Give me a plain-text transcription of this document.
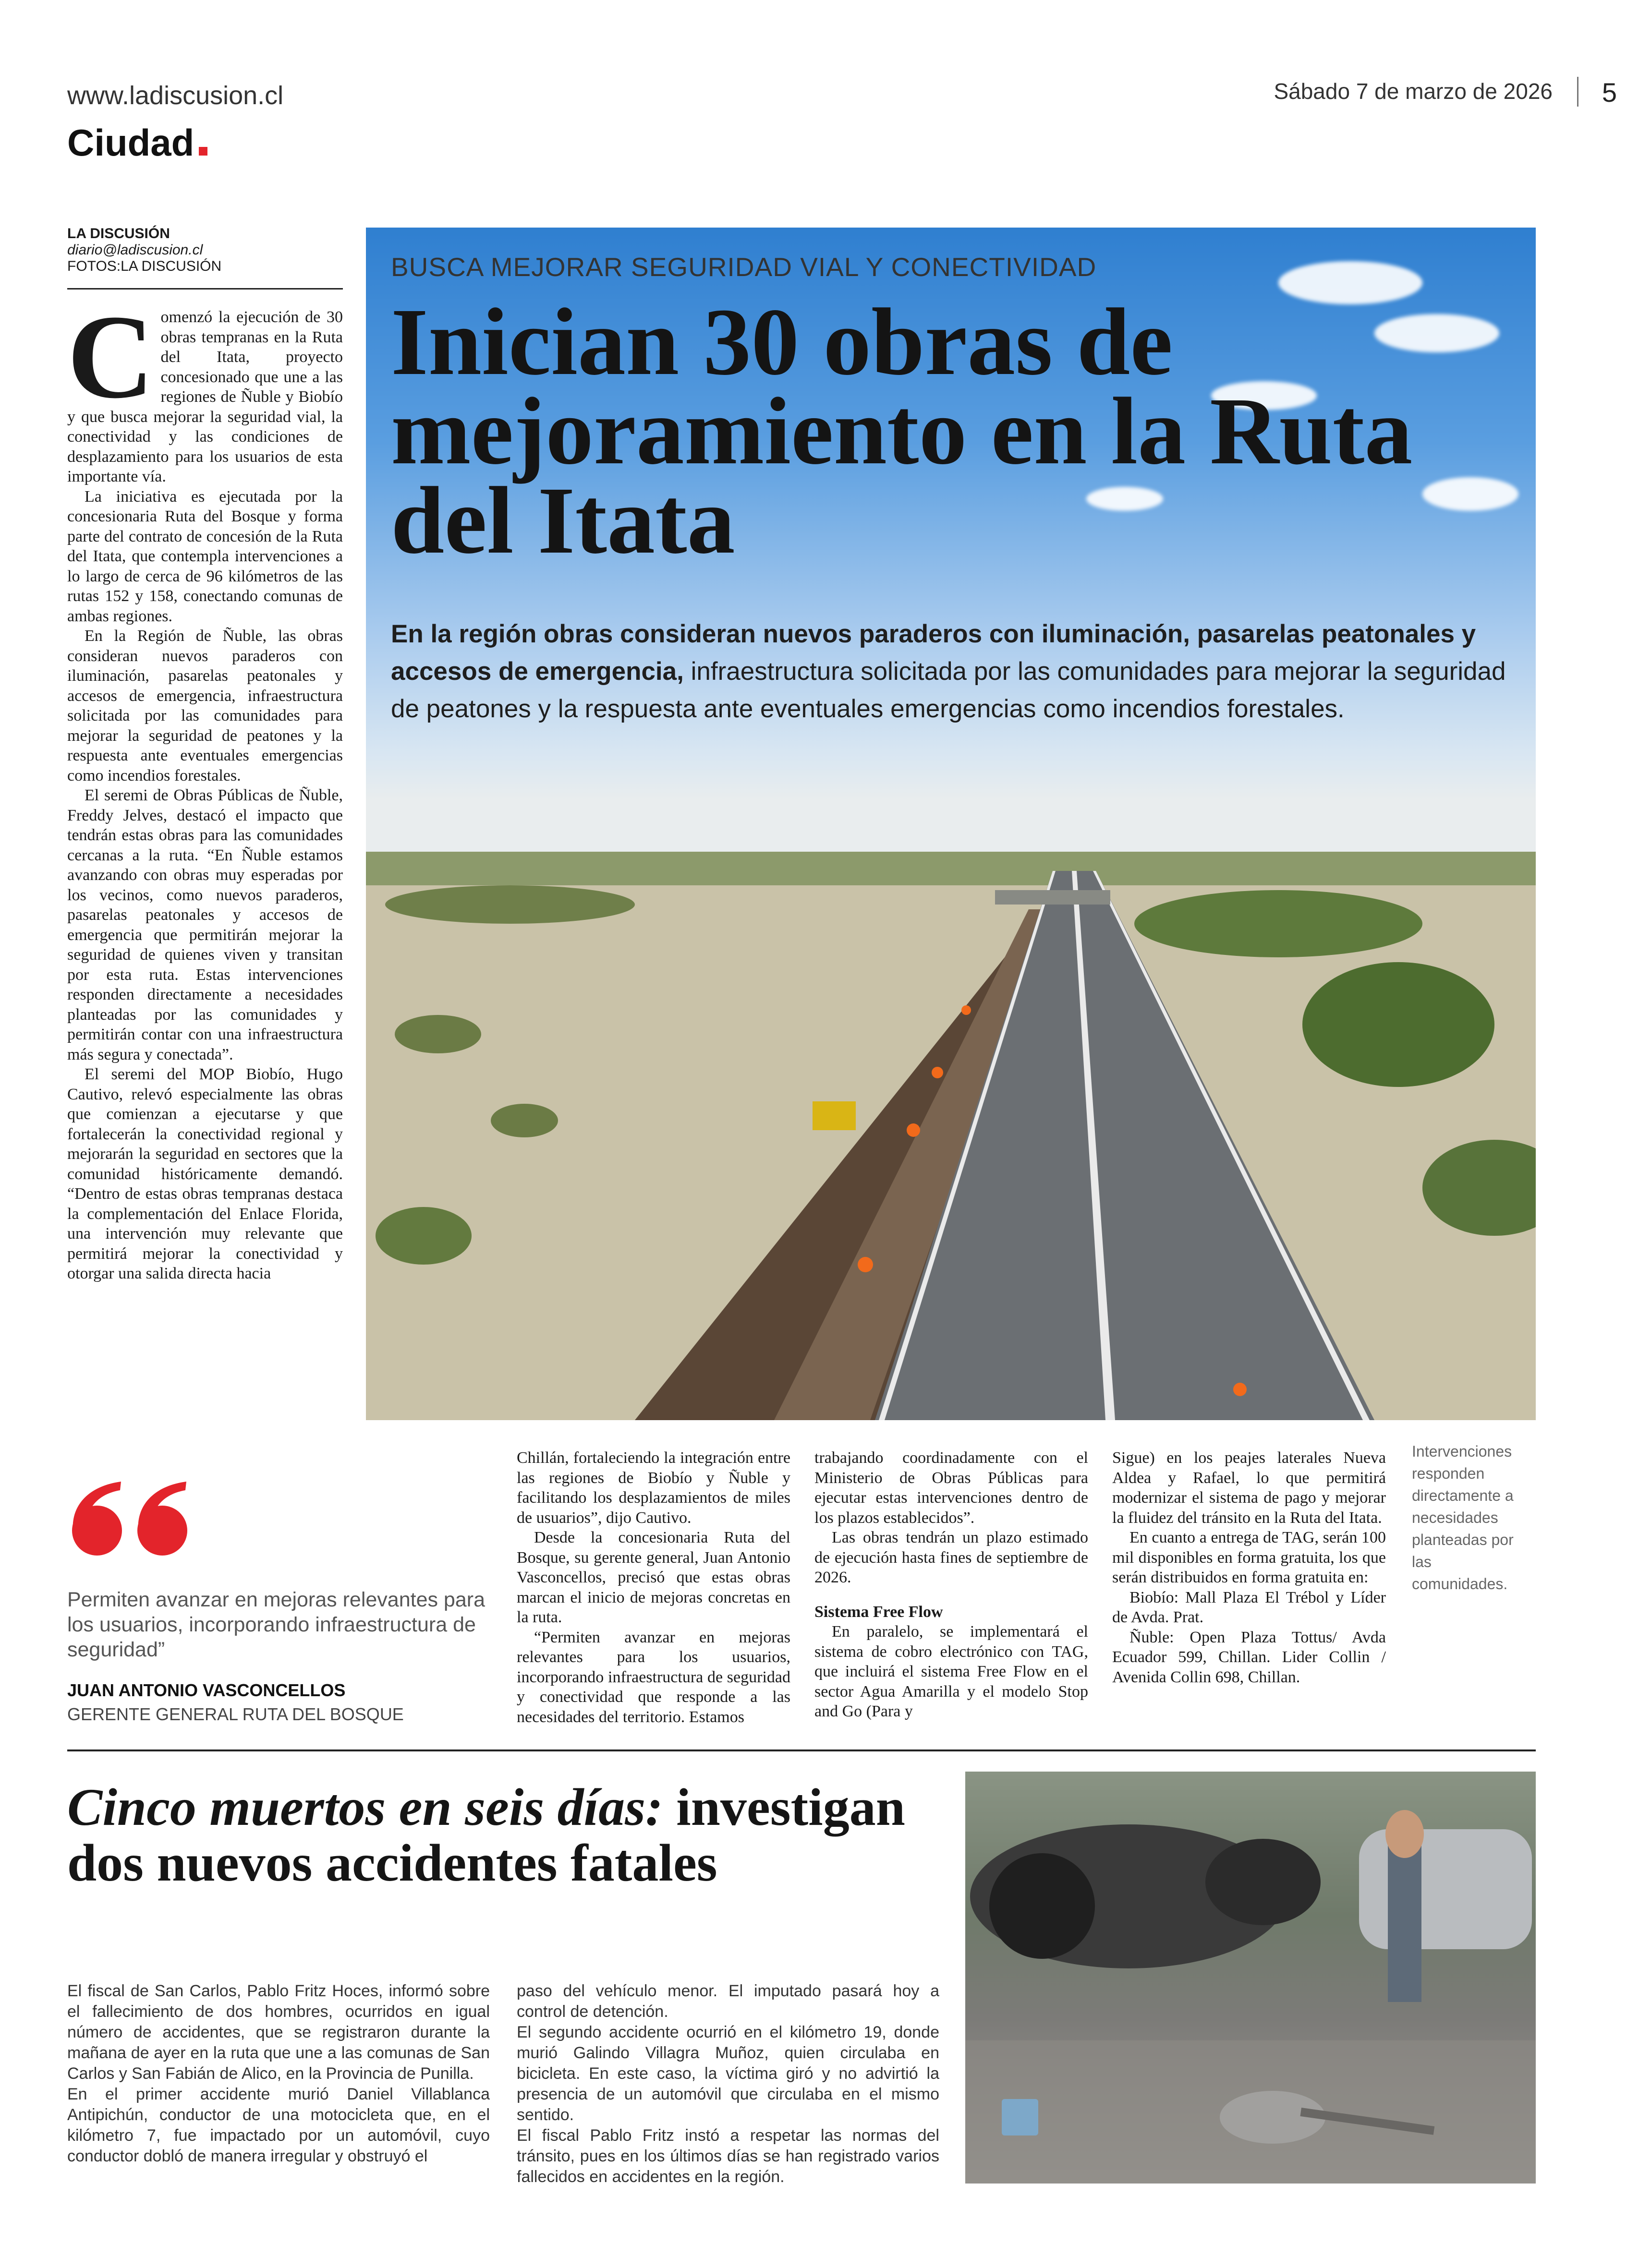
www.ladiscusion.cl	Sábado 7 de marzo de 2026 5
Ciudad
LA DISCUSIÓN
diario@ladiscusion.cl
FOTOS:LA DISCUSIÓN

Comenzó la ejecución de 30 obras tempranas en la Ruta del Itata, proyecto concesionado que une a las regiones de Ñuble y Biobío y que busca mejorar la seguridad vial, la conectividad y las condiciones de desplazamiento para los usuarios de esta importante vía.

La iniciativa es ejecutada por la concesionaria Ruta del Bosque y forma parte del contrato de concesión de la Ruta del Itata, que contempla intervenciones a lo largo de cerca de 96 kilómetros de las rutas 152 y 158, conectando comunas de ambas regiones.

En la Región de Ñuble, las obras consideran nuevos paraderos con iluminación, pasarelas peatonales y accesos de emergencia, infraestructura solicitada por las comunidades para mejorar la seguridad de peatones y la respuesta ante eventuales emergencias como incendios forestales.

El seremi de Obras Públicas de Ñuble, Freddy Jelves, destacó el impacto que tendrán estas obras para las comunidades cercanas a la ruta. “En Ñuble estamos avanzando con obras muy esperadas por los vecinos, como nuevos paraderos, pasarelas peatonales y accesos de emergencia que permitirán mejorar la seguridad de quienes viven y transitan por esta ruta. Estas intervenciones responden directamente a necesidades planteadas por las comunidades y permitirán contar con una infraestructura más segura y conectada”.

El seremi del MOP Biobío, Hugo Cautivo, relevó especialmente las obras que comienzan a ejecutarse y que fortalecerán la conectividad regional y mejorarán la seguridad en sectores que la comunidad históricamente demandó. “Dentro de estas obras tempranas destaca la complementación del Enlace Florida, una intervención muy relevante que permitirá mejorar la conectividad y otorgar una salida directa hacia

Permiten avanzar en mejoras relevantes para los usuarios, incorporando infraestructura de seguridad”
JUAN ANTONIO VASCONCELLOS
GERENTE GENERAL RUTA DEL BOSQUE
BUSCA MEJORAR SEGURIDAD VIAL Y CONECTIVIDAD
Inician 30 obras de mejoramiento en la Ruta del Itata
En la región obras consideran nuevos paraderos con iluminación, pasarelas peatonales y accesos de emergencia, infraestructura solicitada por las comunidades para mejorar la seguridad de peatones y la respuesta ante eventuales emergencias como incendios forestales.

Chillán, fortaleciendo la integración entre las regiones de Biobío y Ñuble y facilitando los desplazamientos de miles de usuarios”, dijo Cautivo.

Desde la concesionaria Ruta del Bosque, su gerente general, Juan Antonio Vasconcellos, precisó que estas obras marcan el inicio de mejoras concretas en la ruta.

“Permiten avanzar en mejoras relevantes para los usuarios, incorporando infraestructura de seguridad y conectividad que responde a las necesidades del territorio. Estamos

trabajando coordinadamente con el Ministerio de Obras Públicas para ejecutar estas intervenciones dentro de los plazos establecidos”.

Las obras tendrán un plazo estimado de ejecución hasta fines de septiembre de 2026.

Sistema Free Flow

En paralelo, se implementará el sistema de cobro electrónico con TAG, que incluirá el sistema Free Flow en el sector Agua Amarilla y el modelo Stop and Go (Para y

Sigue) en los peajes laterales Nueva Aldea y Rafael, lo que permitirá modernizar el sistema de pago y mejorar la fluidez del tránsito en la Ruta del Itata.

En cuanto a entrega de TAG, serán 100 mil disponibles en forma gratuita, los que serán distribuidos en forma gratuita en:

Biobío: Mall Plaza El Trébol y Líder de Avda. Prat.

Ñuble: Open Plaza Tottus/ Avda Ecuador 599, Chillan. Lider Collin / Avenida Collin 698, Chillan.

Intervenciones responden directamente a necesidades planteadas por las comunidades.
Cinco muertos en seis días: investigan dos nuevos accidentes fatales

El fiscal de San Carlos, Pablo Fritz Hoces, informó sobre el fallecimiento de dos hombres, ocurridos en igual número de accidentes, que se registraron durante la mañana de ayer en la ruta que une a las comunas de San Carlos y San Fabián de Alico, en la Provincia de Punilla.

En el primer accidente murió Daniel Villablanca Antipichún, conductor de una motocicleta que, en el kilómetro 7, fue impactado por un automóvil, cuyo conductor dobló de manera irregular y obstruyó el

paso del vehículo menor. El imputado pasará hoy a control de detención.

El segundo accidente ocurrió en el kilómetro 19, donde murió Galindo Villagra Muñoz, quien circulaba en bicicleta. En este caso, la víctima giró y no advirtió la presencia de un automóvil que circulaba en el mismo sentido.

El fiscal Pablo Fritz instó a respetar las normas del tránsito, pues en los últimos días se han registrado varios fallecidos en accidentes en la región.
